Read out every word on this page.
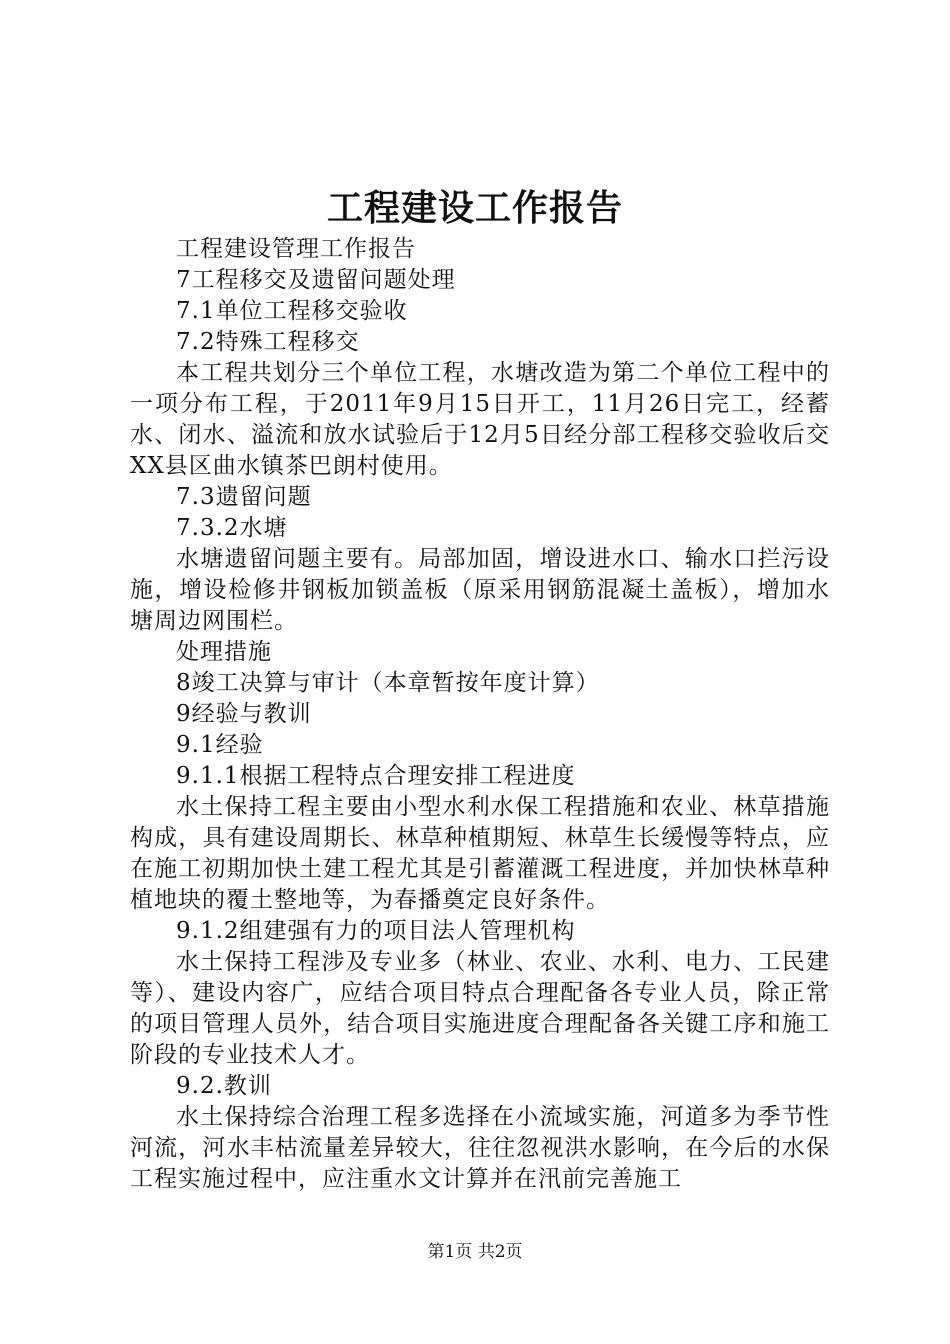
工程建设工作报告

工程建设管理工作报告

7工程移交及遗留问题处理

7.1单位工程移交验收

7.2特殊工程移交

本工程共划分三个单位工程，水塘改造为第二个单位工程中的一项分布工程，于2011年9月15日开工，11月26日完工，经蓄水、闭水、溢流和放水试验后于12月5日经分部工程移交验收后交XX县区曲水镇茶巴朗村使用。

7.3遗留问题

7.3.2水塘

水塘遗留问题主要有。局部加固，增设进水口、输水口拦污设施，增设检修井钢板加锁盖板（原采用钢筋混凝土盖板），增加水塘周边网围栏。

处理措施

8竣工决算与审计（本章暂按年度计算）

9经验与教训

9.1经验

9.1.1根据工程特点合理安排工程进度

水土保持工程主要由小型水利水保工程措施和农业、林草措施构成，具有建设周期长、林草种植期短、林草生长缓慢等特点，应在施工初期加快土建工程尤其是引蓄灌溉工程进度，并加快林草种植地块的覆土整地等，为春播奠定良好条件。

9.1.2组建强有力的项目法人管理机构

水土保持工程涉及专业多（林业、农业、水利、电力、工民建等）、建设内容广，应结合项目特点合理配备各专业人员，除正常的项目管理人员外，结合项目实施进度合理配备各关键工序和施工阶段的专业技术人才。

9.2.教训

水土保持综合治理工程多选择在小流域实施，河道多为季节性河流，河水丰枯流量差异较大，往往忽视洪水影响，在今后的水保工程实施过程中，应注重水文计算并在汛前完善施工

第1页 共2页
